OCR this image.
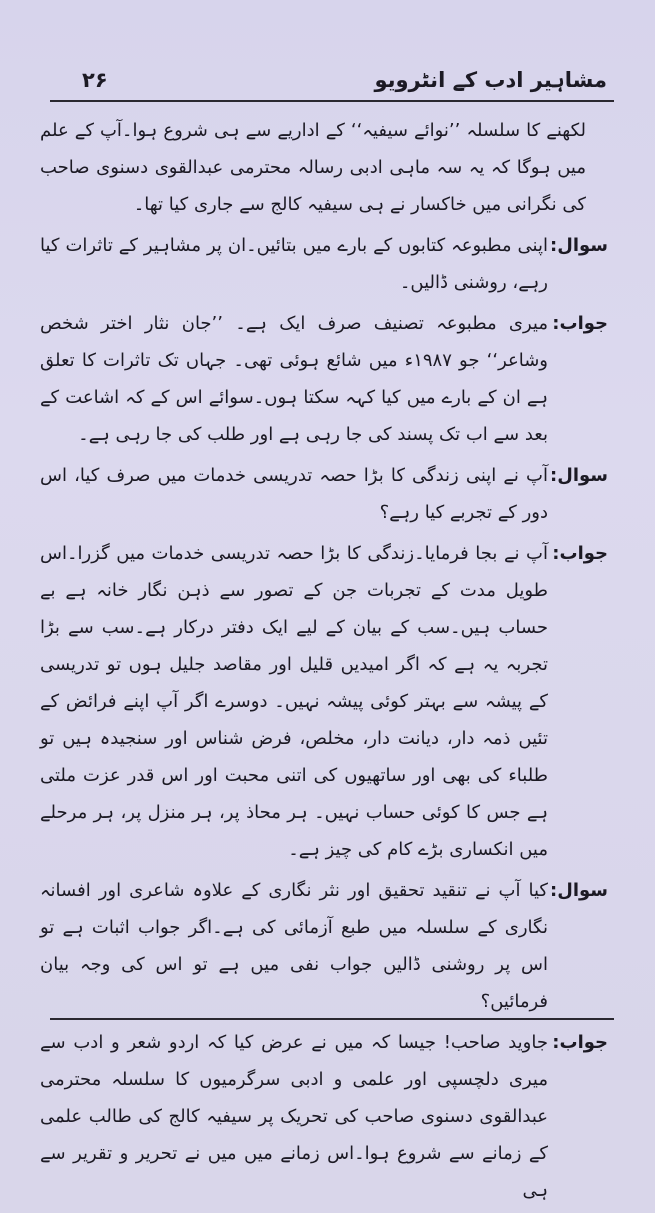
مشاہیر ادب کے انٹرویو
۲۶
لکھنے کا سلسلہ ’’نوائے سیفیہ‘‘ کے اداریے سے ہی شروع ہوا۔آپ کے علم میں ہوگا کہ یہ سہ ماہی ادبی رسالہ محترمی عبدالقوی دسنوی صاحب کی نگرانی میں خاکسار نے ہی سیفیہ کالج سے جاری کیا تھا۔
سوال:
اپنی مطبوعہ کتابوں کے بارے میں بتائیں۔ان پر مشاہیر کے تاثرات کیا رہے، روشنی ڈالیں۔
جواب:
میری مطبوعہ تصنیف صرف ایک ہے۔ ’’جان نثار اختر شخص وشاعر‘‘ جو ۱۹۸۷ء میں شائع ہوئی تھی۔ جہاں تک تاثرات کا تعلق ہے ان کے بارے میں کیا کہہ سکتا ہوں۔سوائے اس کے کہ اشاعت کے بعد سے اب تک پسند کی جا رہی ہے اور طلب کی جا رہی ہے۔
سوال:
آپ نے اپنی زندگی کا بڑا حصہ تدریسی خدمات میں صرف کیا، اس دور کے تجربے کیا رہے؟
جواب:
آپ نے بجا فرمایا۔زندگی کا بڑا حصہ تدریسی خدمات میں گزرا۔اس طویل مدت کے تجربات جن کے تصور سے ذہن نگار خانہ ہے بے حساب ہیں۔سب کے بیان کے لیے ایک دفتر درکار ہے۔سب سے بڑا تجربہ یہ ہے کہ اگر امیدیں قلیل اور مقاصد جلیل ہوں تو تدریسی کے پیشہ سے بہتر کوئی پیشہ نہیں۔ دوسرے اگر آپ اپنے فرائض کے تئیں ذمہ دار، دیانت دار، مخلص، فرض شناس اور سنجیدہ ہیں تو طلباء کی بھی اور ساتھیوں کی اتنی محبت اور اس قدر عزت ملتی ہے جس کا کوئی حساب نہیں۔ ہر محاذ پر، ہر منزل پر، ہر مرحلے میں انکساری بڑے کام کی چیز ہے۔
سوال:
کیا آپ نے تنقید تحقیق اور نثر نگاری کے علاوہ شاعری اور افسانہ نگاری کے سلسلہ میں طبع آزمائی کی ہے۔اگر جواب اثبات ہے تو اس پر روشنی ڈالیں جواب نفی میں ہے تو اس کی وجہ بیان فرمائیں؟
جواب:
جاوید صاحب! جیسا کہ میں نے عرض کیا کہ اردو شعر و ادب سے میری دلچسپی اور علمی و ادبی سرگرمیوں کا سلسلہ محترمی عبدالقوی دسنوی صاحب کی تحریک پر سیفیہ کالج کی طالب علمی کے زمانے سے شروع ہوا۔اس زمانے میں میں نے تحریر و تقریر سے ہی
